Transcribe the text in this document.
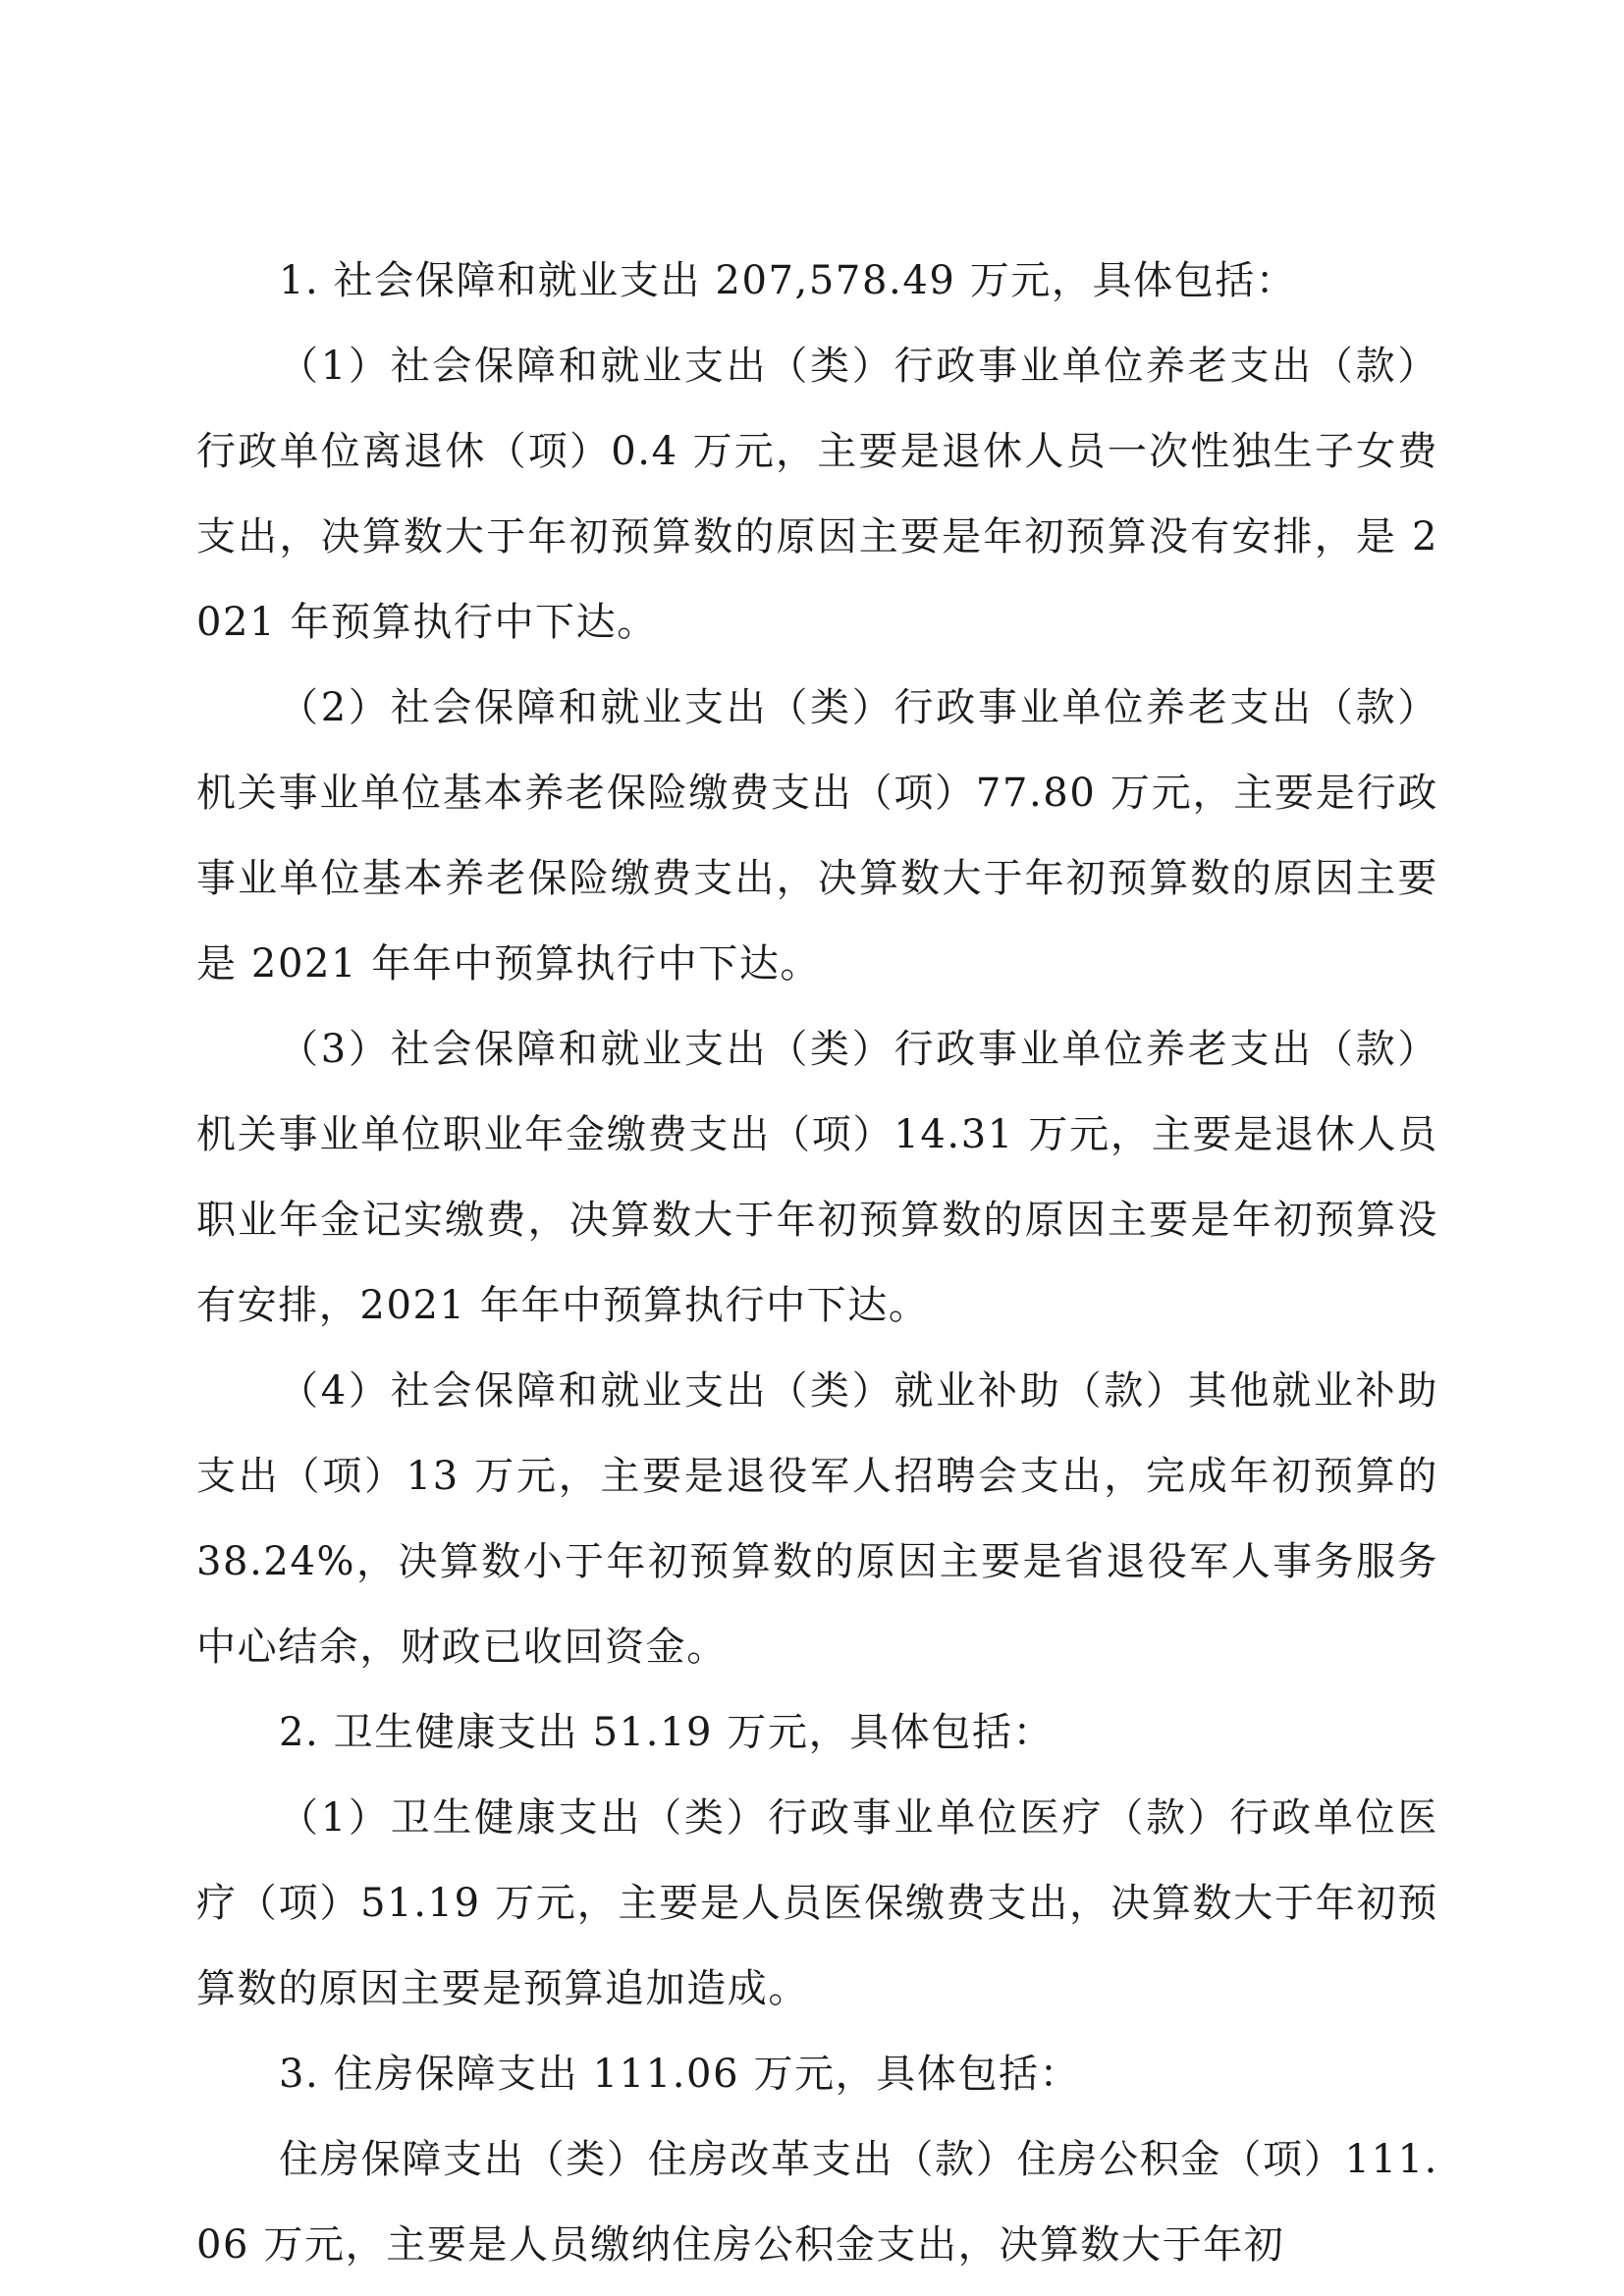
1. 社会保障和就业支出 207,578.49 万元，具体包括：

（1）社会保障和就业支出（类）行政事业单位养老支出（款）行政单位离退休（项）0.4 万元，主要是退休人员一次性独生子女费支出，决算数大于年初预算数的原因主要是年初预算没有安排，是 2021 年预算执行中下达。

（2）社会保障和就业支出（类）行政事业单位养老支出（款）机关事业单位基本养老保险缴费支出（项）77.80 万元，主要是行政事业单位基本养老保险缴费支出，决算数大于年初预算数的原因主要是 2021 年年中预算执行中下达。

（3）社会保障和就业支出（类）行政事业单位养老支出（款）机关事业单位职业年金缴费支出（项）14.31 万元，主要是退休人员职业年金记实缴费，决算数大于年初预算数的原因主要是年初预算没有安排，2021 年年中预算执行中下达。

（4）社会保障和就业支出（类）就业补助（款）其他就业补助支出（项）13 万元，主要是退役军人招聘会支出，完成年初预算的 38.24%，决算数小于年初预算数的原因主要是省退役军人事务服务中心结余，财政已收回资金。

2. 卫生健康支出 51.19 万元，具体包括：

（1）卫生健康支出（类）行政事业单位医疗（款）行政单位医疗（项）51.19 万元，主要是人员医保缴费支出，决算数大于年初预算数的原因主要是预算追加造成。

3. 住房保障支出 111.06 万元，具体包括：

住房保障支出（类）住房改革支出（款）住房公积金（项）111.06 万元，主要是人员缴纳住房公积金支出，决算数大于年初
